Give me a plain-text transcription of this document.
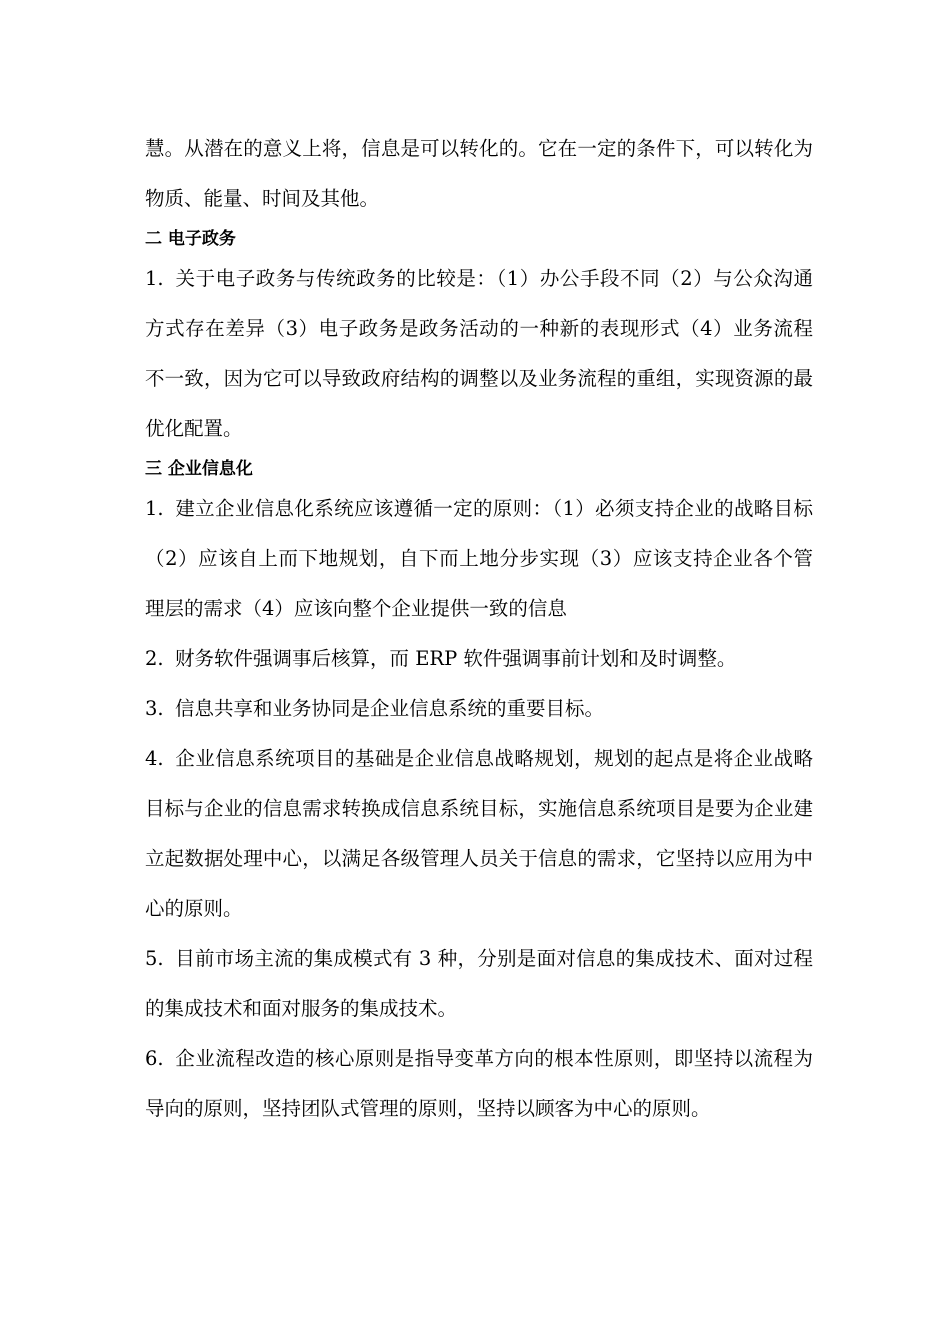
慧。从潜在的意义上将，信息是可以转化的。它在一定的条件下，可以转化为物质、能量、时间及其他。

二 电子政务

1. 关于电子政务与传统政务的比较是：（1）办公手段不同（2）与公众沟通方式存在差异（3）电子政务是政务活动的一种新的表现形式（4）业务流程不一致，因为它可以导致政府结构的调整以及业务流程的重组，实现资源的最优化配置。

三 企业信息化

1. 建立企业信息化系统应该遵循一定的原则：（1）必须支持企业的战略目标（2）应该自上而下地规划，自下而上地分步实现（3）应该支持企业各个管理层的需求（4）应该向整个企业提供一致的信息

2. 财务软件强调事后核算，而 ERP 软件强调事前计划和及时调整。

3. 信息共享和业务协同是企业信息系统的重要目标。

4. 企业信息系统项目的基础是企业信息战略规划，规划的起点是将企业战略目标与企业的信息需求转换成信息系统目标，实施信息系统项目是要为企业建立起数据处理中心，以满足各级管理人员关于信息的需求，它坚持以应用为中心的原则。

5. 目前市场主流的集成模式有 3 种，分别是面对信息的集成技术、面对过程的集成技术和面对服务的集成技术。

6. 企业流程改造的核心原则是指导变革方向的根本性原则，即坚持以流程为导向的原则，坚持团队式管理的原则，坚持以顾客为中心的原则。
